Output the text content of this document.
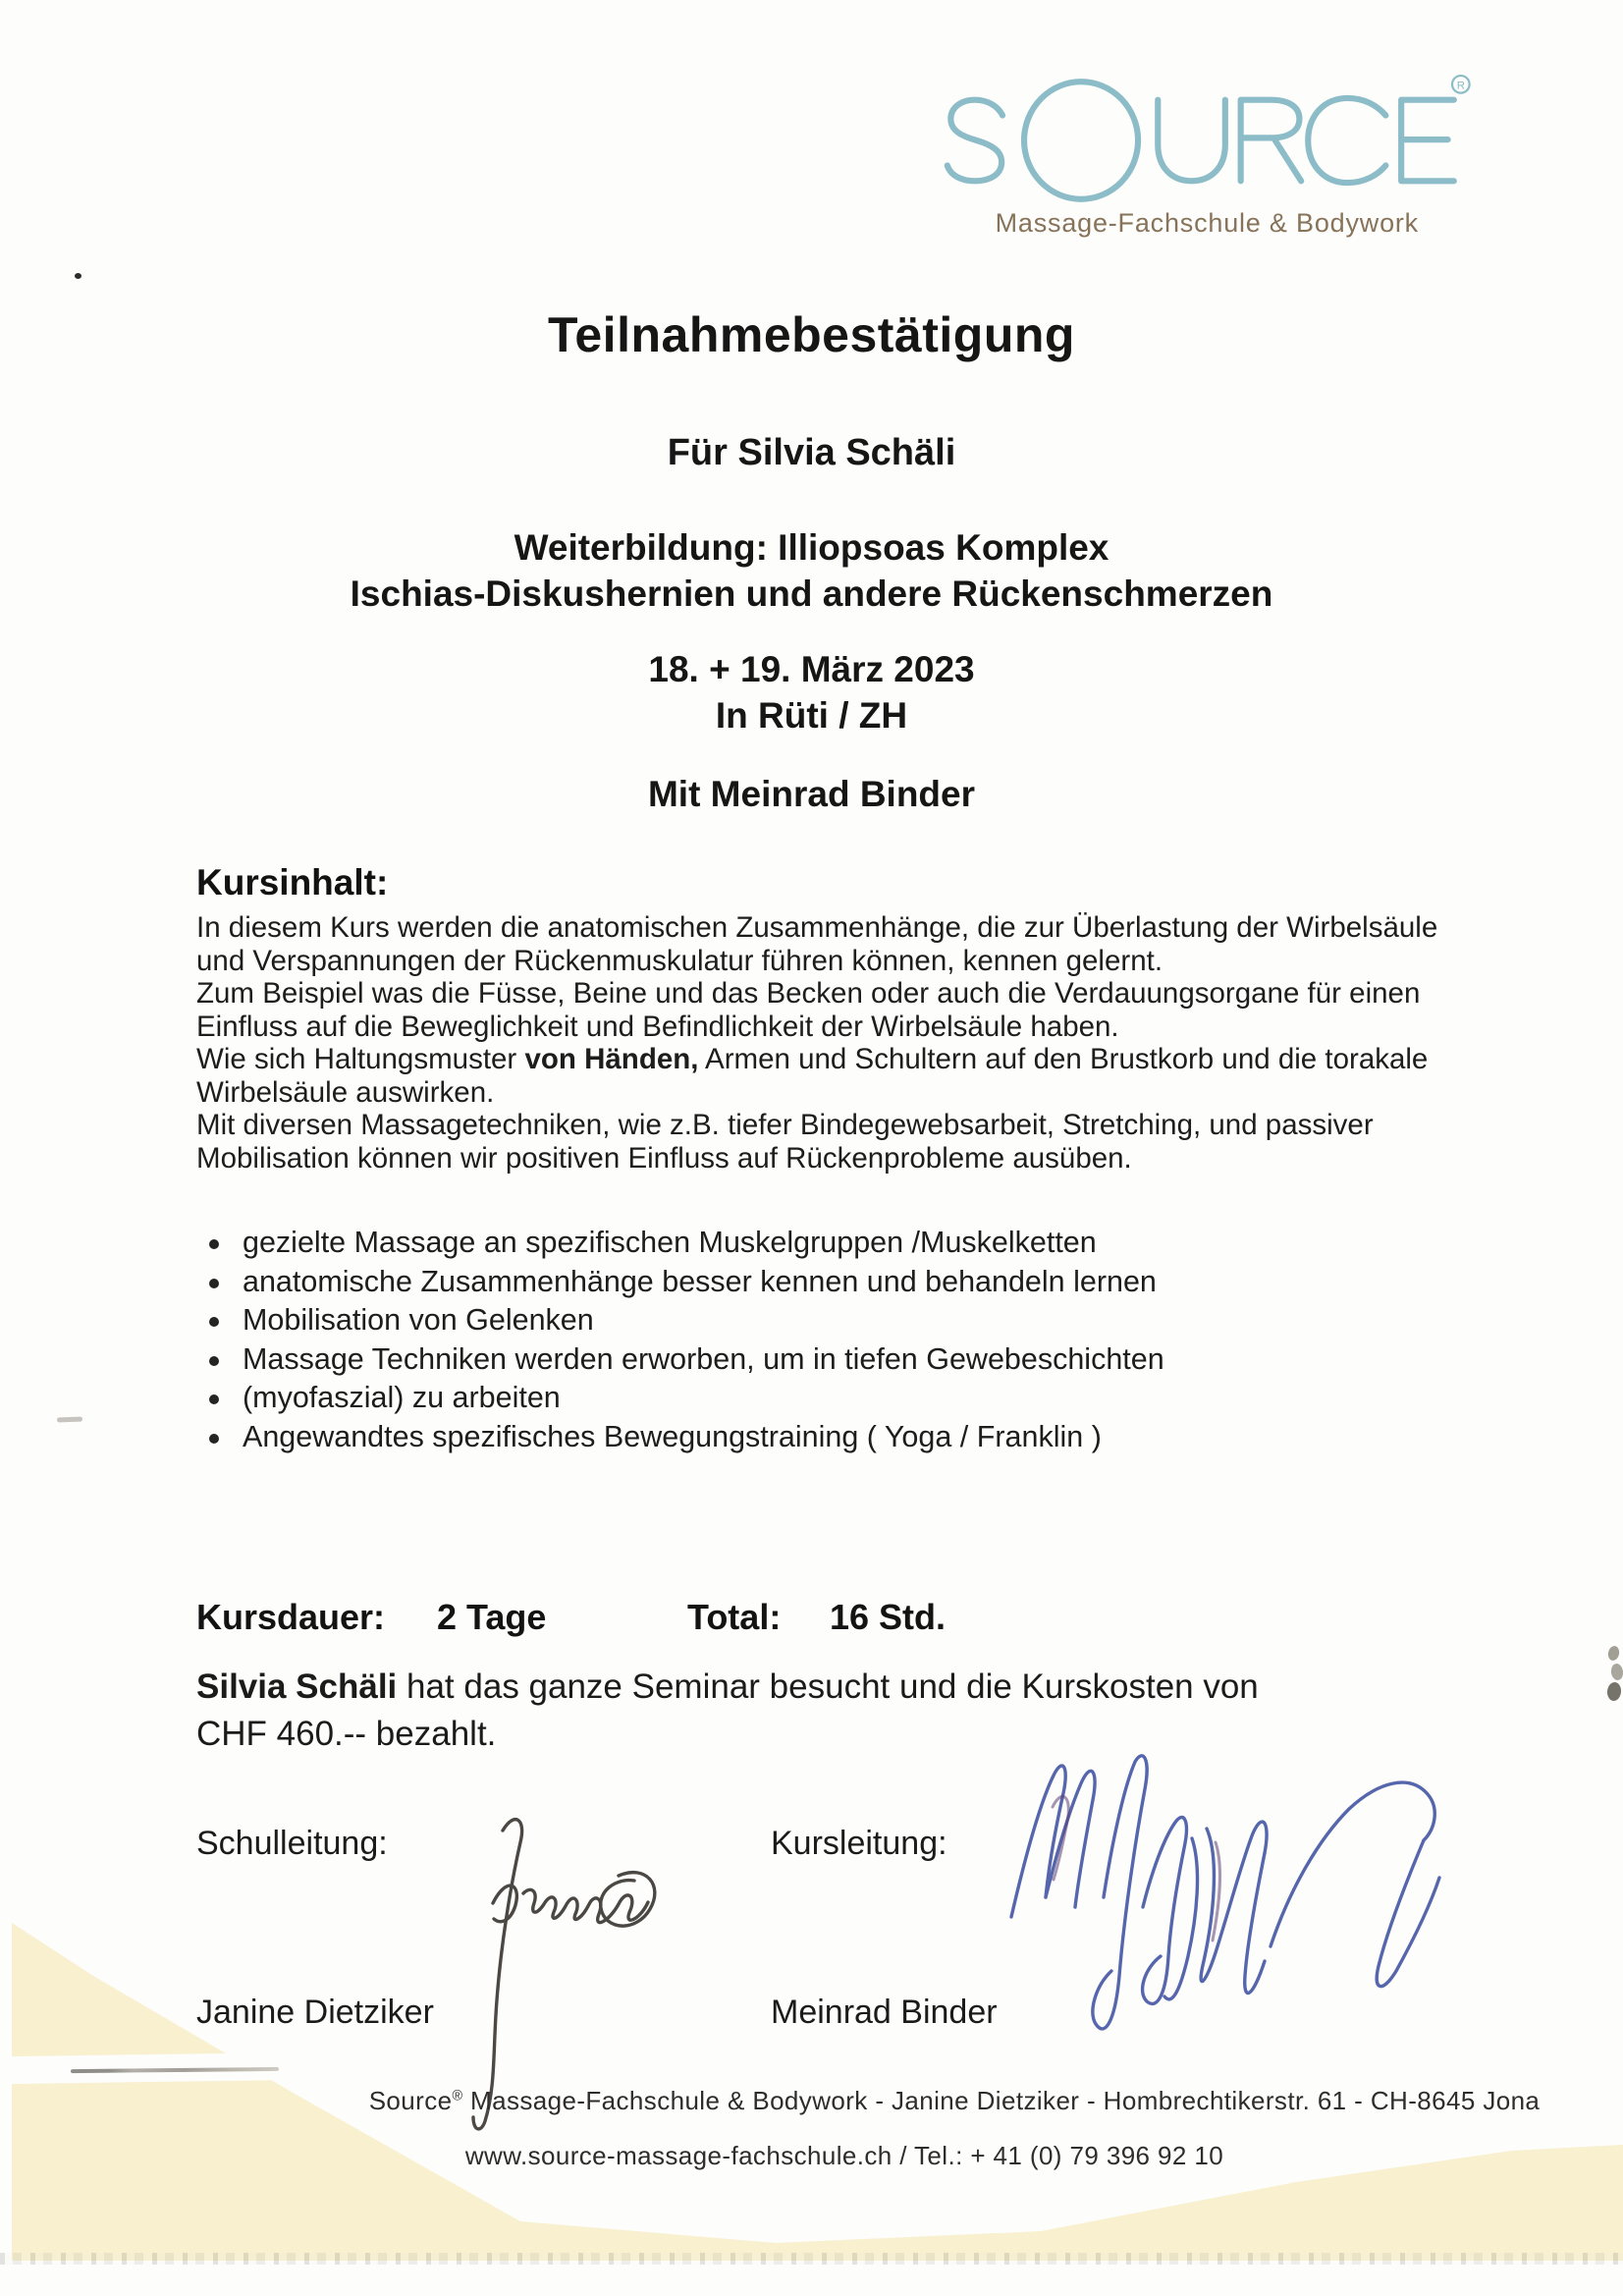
R
Massage-Fachschule & Bodywork
Teilnahmebestätigung
Für Silvia Schäli
Weiterbildung: Illiopsoas Komplex
Ischias-Diskushernien und andere Rückenschmerzen
18. + 19. März 2023
In Rüti / ZH
Mit Meinrad Binder
Kursinhalt:
In diesem Kurs werden die anatomischen Zusammenhänge, die zur Überlastung der Wirbelsäule
und Verspannungen der Rückenmuskulatur führen können, kennen gelernt.
Zum Beispiel was die Füsse, Beine und das Becken oder auch die Verdauungsorgane für einen
Einfluss auf die Beweglichkeit und Befindlichkeit der Wirbelsäule haben.
Wie sich Haltungsmuster von Händen, Armen und Schultern auf den Brustkorb und die torakale
Wirbelsäule auswirken.
Mit diversen Massagetechniken, wie z.B. tiefer Bindegewebsarbeit, Stretching, und passiver
Mobilisation können wir positiven Einfluss auf Rückenprobleme ausüben.
gezielte Massage an spezifischen Muskelgruppen /Muskelketten
anatomische Zusammenhänge besser kennen und behandeln lernen
Mobilisation von Gelenken
Massage Techniken werden erworben, um in tiefen Gewebeschichten
(myofaszial) zu arbeiten
Angewandtes spezifisches Bewegungstraining ( Yoga / Franklin )
Kursdauer: 2 Tage	Total: 16 Std.
Silvia Schäli hat das ganze Seminar besucht und die Kurskosten von
CHF 460.-- bezahlt.
Schulleitung:	Kursleitung:
Janine Dietziker	Meinrad Binder
Source® Massage-Fachschule & Bodywork - Janine Dietziker - Hombrechtikerstr. 61 - CH-8645 Jona
www.source-massage-fachschule.ch / Tel.: + 41 (0) 79 396 92 10
